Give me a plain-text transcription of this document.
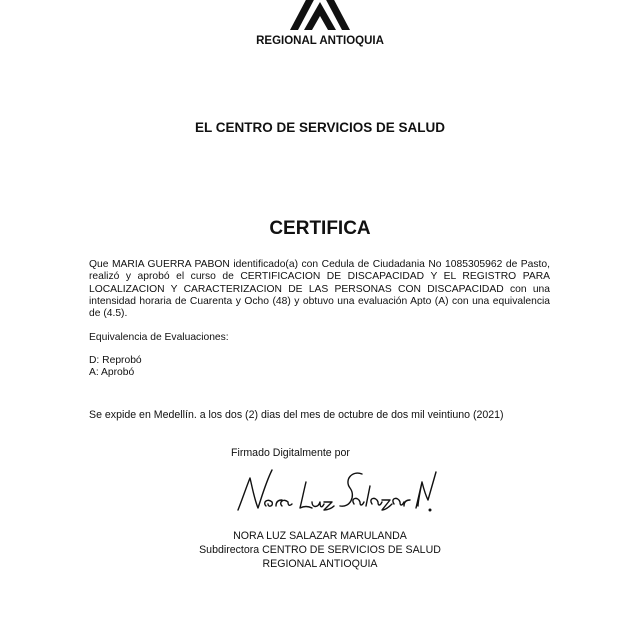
REGIONAL ANTIOQUIA
EL CENTRO DE SERVICIOS DE SALUD
CERTIFICA
Que MARIA GUERRA PABON identificado(a) con Cedula de Ciudadania No 1085305962 de Pasto, realizó y aprobó el curso de CERTIFICACION DE DISCAPACIDAD Y EL REGISTRO PARA LOCALIZACION Y CARACTERIZACION DE LAS PERSONAS CON DISCAPACIDAD con una intensidad horaria de Cuarenta y Ocho (48) y obtuvo una evaluación Apto (A) con una equivalencia de (4.5).
Equivalencia de Evaluaciones:
D: Reprobó
A: Aprobó
Se expide en Medellín. a los dos (2) dias del mes de octubre de dos mil veintiuno (2021)
Firmado Digitalmente por
NORA LUZ SALAZAR MARULANDA
Subdirectora CENTRO DE SERVICIOS DE SALUD
REGIONAL ANTIOQUIA
